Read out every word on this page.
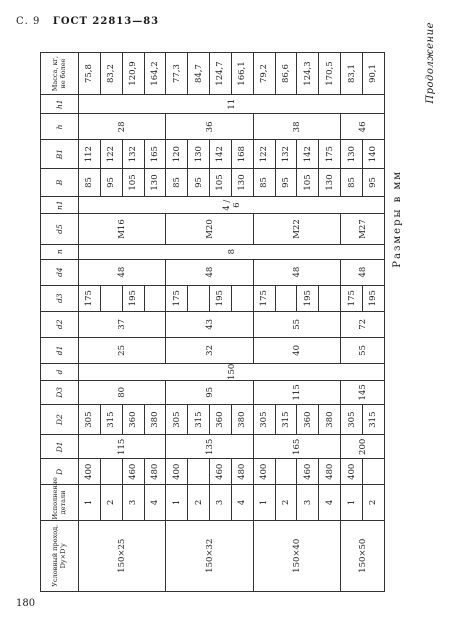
С. 9 ГОСТ 22813—83
Продолжение
Размеры в мм
180
Условный проход, Dу×D'у	Исполнение детали	D	D1	D2	D3	d	d1	d2	d3	d4	n	d5	n1	B	B1	h	h1	Масса, кг, не более
150×25	1	400	115	305	80	150	25	37	175	48	8	M16	4 / 6	85	112	28	11	75,8
	2			315										95	122			83,2
	3	460		360					195					105	132			120,9
	4	480		380										130	165			164,2
150×32	1	400	135	305	95		32	43	175	48		M20		85	120	36		77,3
	2			315										95	130			84,7
	3	460		360					195					105	142			124,7
	4	480		380										130	168			166,1
150×40	1	400	165	305	115		40	55	175	48		M22		85	122	38		79,2
	2			315										95	132			86,6
	3	460		360					195					105	142			124,3
	4	480		380										130	175			170,5
150×50	1	400	200	305	145		55	72	175	48		M27		85	130	46		83,1
	2			315					195					95	140			90,1
